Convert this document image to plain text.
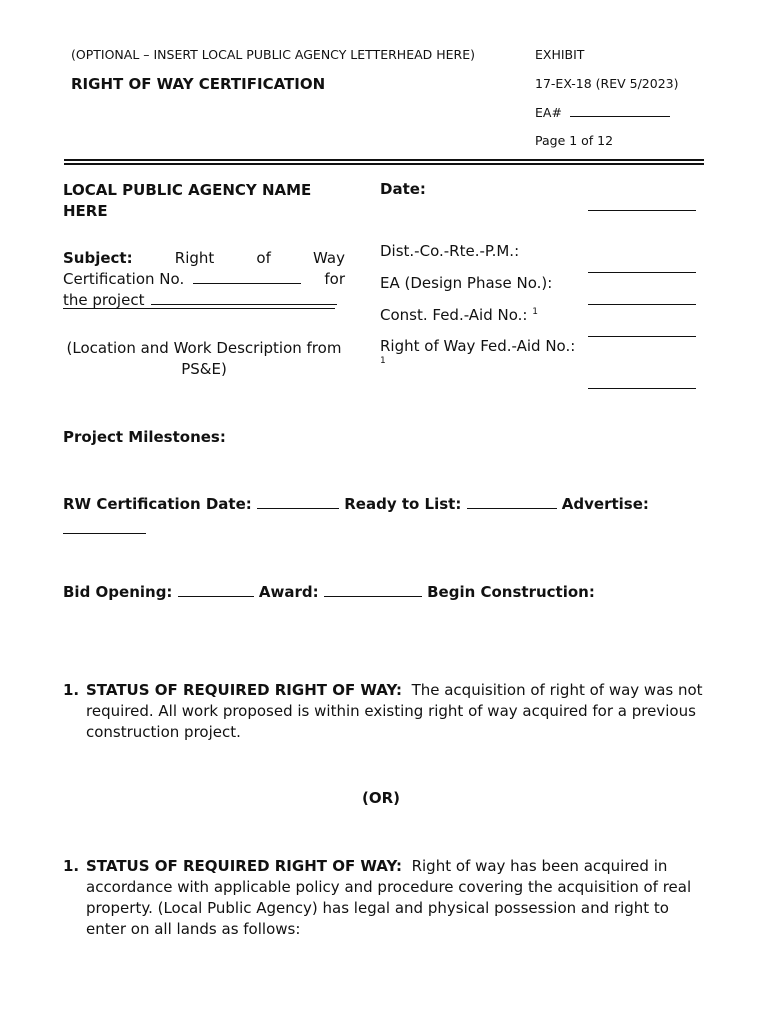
(OPTIONAL – INSERT LOCAL PUBLIC AGENCY LETTERHEAD HERE)	EXHIBIT
RIGHT OF WAY CERTIFICATION	17-EX-18 (REV 5/2023)
EA#
Page 1 of 12
LOCAL PUBLIC AGENCY NAME
HERE
Subject:	Right	of	Way
Certification No.	for
the project
(Location and Work Description from
PS&E)
Date:
Dist.-Co.-Rte.-P.M.:
EA (Design Phase No.):
Const. Fed.-Aid No.: $^1$
Right of Way Fed.-Aid No.:
1
Project Milestones:
RW Certification Date:	Ready to List:	Advertise:
Bid Opening:	Award:	Begin Construction:
1. STATUS OF REQUIRED RIGHT OF WAY: The acquisition of right of way was not required. All work proposed is within existing right of way acquired for a previous construction project.
(OR)
1. STATUS OF REQUIRED RIGHT OF WAY: Right of way has been acquired in accordance with applicable policy and procedure covering the acquisition of real property. (Local Public Agency) has legal and physical possession and right to enter on all lands as follows:
